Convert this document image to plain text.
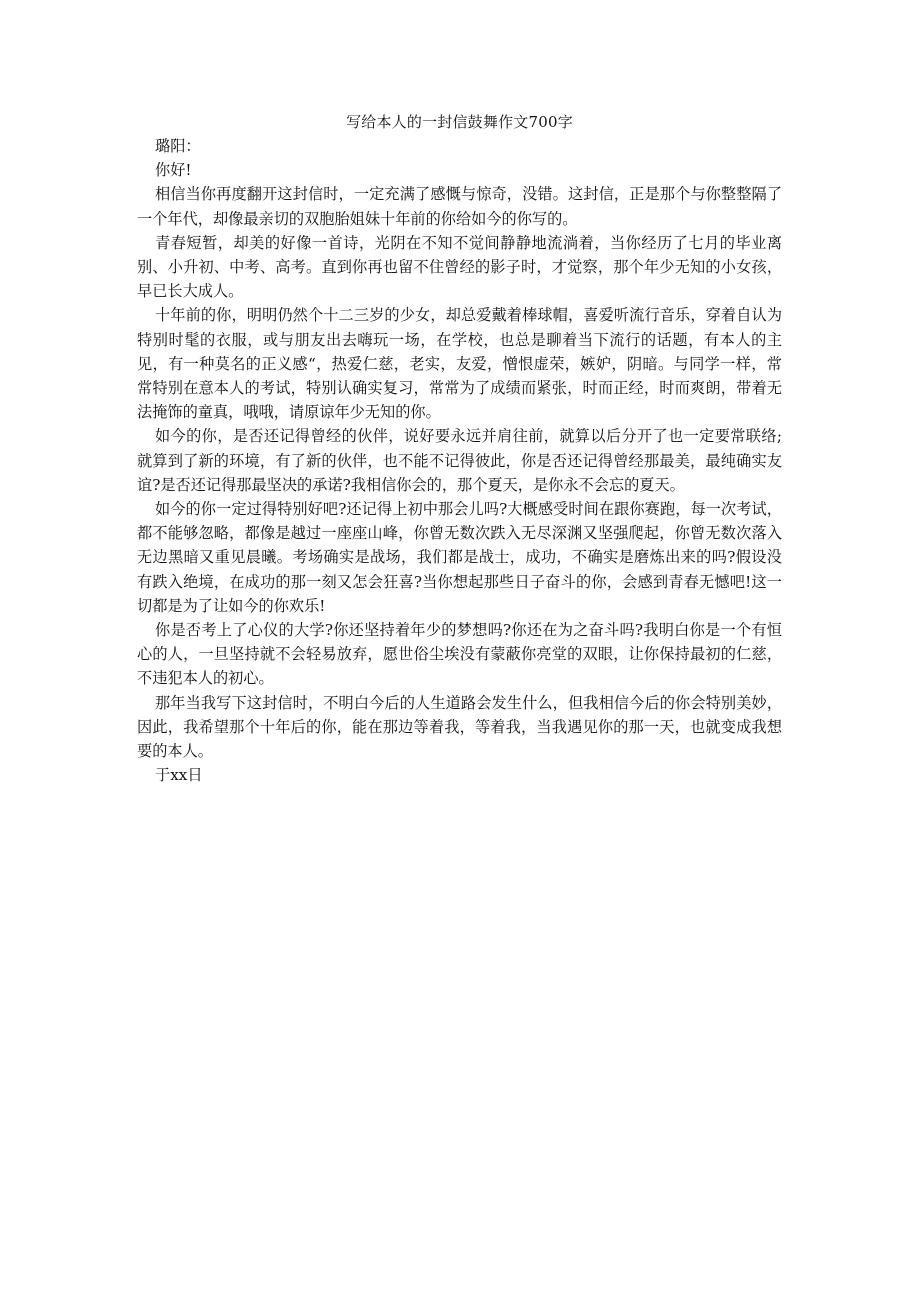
写给本人的一封信鼓舞作文700字

璐阳：

你好!

相信当你再度翻开这封信时，一定充满了感慨与惊奇，没错。这封信，正是那个与你整整隔了一个年代，却像最亲切的双胞胎姐妹十年前的你给如今的你写的。

青春短暂，却美的好像一首诗，光阴在不知不觉间静静地流淌着，当你经历了七月的毕业离别、小升初、中考、高考。直到你再也留不住曾经的影子时，才觉察，那个年少无知的小女孩，早已长大成人。

十年前的你，明明仍然个十二三岁的少女，却总爱戴着棒球帽，喜爱听流行音乐，穿着自认为特别时髦的衣服，或与朋友出去嗨玩一场，在学校，也总是聊着当下流行的话题，有本人的主见，有一种莫名的正义感“，热爱仁慈，老实，友爱，憎恨虚荣，嫉妒，阴暗。与同学一样，常常特别在意本人的考试，特别认确实复习，常常为了成绩而紧张，时而正经，时而爽朗，带着无法掩饰的童真，哦哦，请原谅年少无知的你。

如今的你，是否还记得曾经的伙伴，说好要永远并肩往前，就算以后分开了也一定要常联络;就算到了新的环境，有了新的伙伴，也不能不记得彼此，你是否还记得曾经那最美，最纯确实友谊?是否还记得那最坚决的承诺?我相信你会的，那个夏天，是你永不会忘的夏天。

如今的你一定过得特别好吧?还记得上初中那会儿吗?大概感受时间在跟你赛跑，每一次考试，都不能够忽略，都像是越过一座座山峰，你曾无数次跌入无尽深渊又坚强爬起，你曾无数次落入无边黑暗又重见晨曦。考场确实是战场，我们都是战士，成功，不确实是磨炼出来的吗?假设没有跌入绝境，在成功的那一刻又怎会狂喜?当你想起那些日子奋斗的你，会感到青春无憾吧!这一切都是为了让如今的你欢乐!

你是否考上了心仪的大学?你还坚持着年少的梦想吗?你还在为之奋斗吗?我明白你是一个有恒心的人，一旦坚持就不会轻易放弃，愿世俗尘埃没有蒙蔽你亮堂的双眼，让你保持最初的仁慈，不违犯本人的初心。

那年当我写下这封信时，不明白今后的人生道路会发生什么，但我相信今后的你会特别美妙，因此，我希望那个十年后的你，能在那边等着我，等着我，当我遇见你的那一天，也就变成我想要的本人。

于xx日
